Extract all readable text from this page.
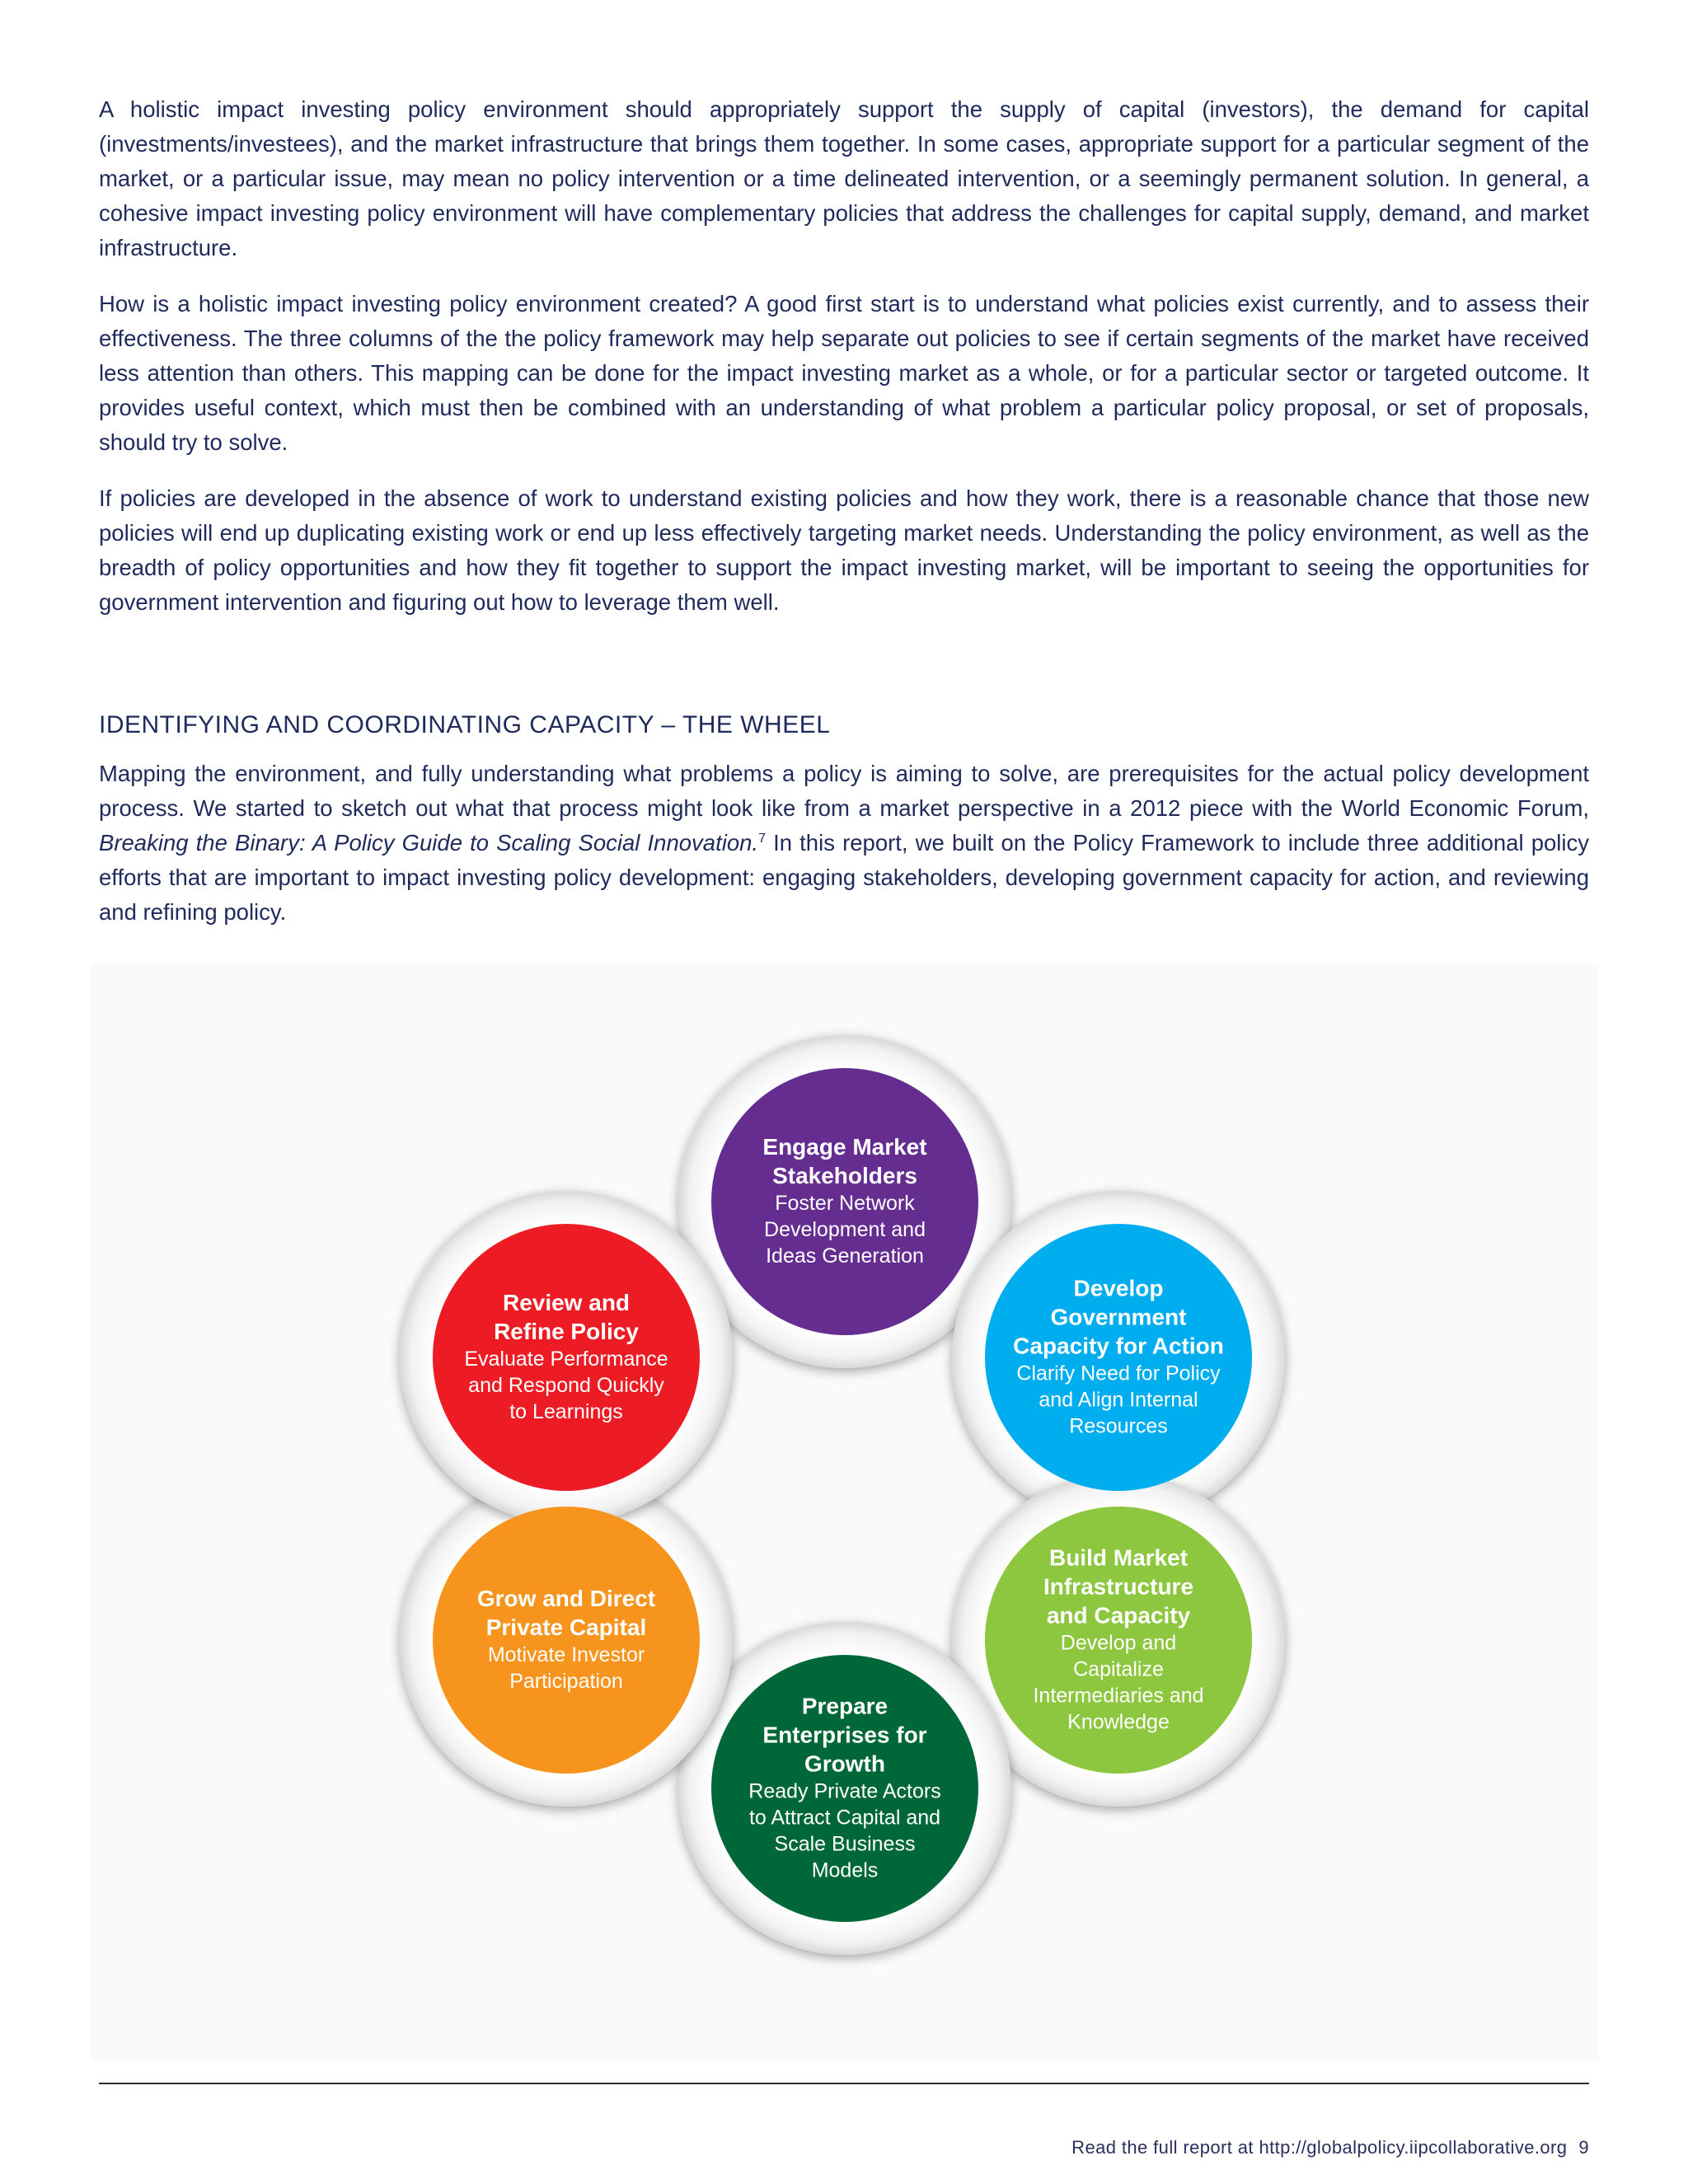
A holistic impact investing policy environment should appropriately support the supply of capital (investors), the demand for capital (investments/investees), and the market infrastructure that brings them together. In some cases, appropriate support for a particular segment of the market, or a particular issue, may mean no policy intervention or a time delineated intervention, or a seemingly permanent solution. In general, a cohesive impact investing policy environment will have complementary policies that address the challenges for capital supply, demand, and market infrastructure.

How is a holistic impact investing policy environment created? A good first start is to understand what policies exist currently, and to assess their effectiveness. The three columns of the the policy framework may help separate out policies to see if certain segments of the market have received less attention than others. This mapping can be done for the impact investing market as a whole, or for a particular sector or targeted outcome. It provides useful context, which must then be combined with an understanding of what problem a particular policy proposal, or set of proposals, should try to solve.

If policies are developed in the absence of work to understand existing policies and how they work, there is a reasonable chance that those new policies will end up duplicating existing work or end up less effectively targeting market needs. Understanding the policy environment, as well as the breadth of policy opportunities and how they fit together to support the impact investing market, will be important to seeing the opportunities for government intervention and figuring out how to leverage them well.

IDENTIFYING AND COORDINATING CAPACITY – THE WHEEL

Mapping the environment, and fully understanding what problems a policy is aiming to solve, are prerequisites for the actual policy development process. We started to sketch out what that process might look like from a market perspective in a 2012 piece with the World Economic Forum, Breaking the Binary: A Policy Guide to Scaling Social Innovation.$^7$ In this report, we built on the Policy Framework to include three additional policy efforts that are important to impact investing policy development: engaging stakeholders, developing government capacity for action, and reviewing and refining policy.

Engage Market
Stakeholders
Foster Network
Development and
Ideas Generation
Develop
Government
Capacity for Action
Clarify Need for Policy
and Align Internal
Resources
Build Market
Infrastructure
and Capacity
Develop and
Capitalize
Intermediaries and
Knowledge
Prepare
Enterprises for
Growth
Ready Private Actors
to Attract Capital and
Scale Business
Models
Grow and Direct
Private Capital
Motivate Investor
Participation
Review and
Refine Policy
Evaluate Performance
and Respond Quickly
to Learnings
Read the full report at http://globalpolicy.iipcollaborative.org 9
